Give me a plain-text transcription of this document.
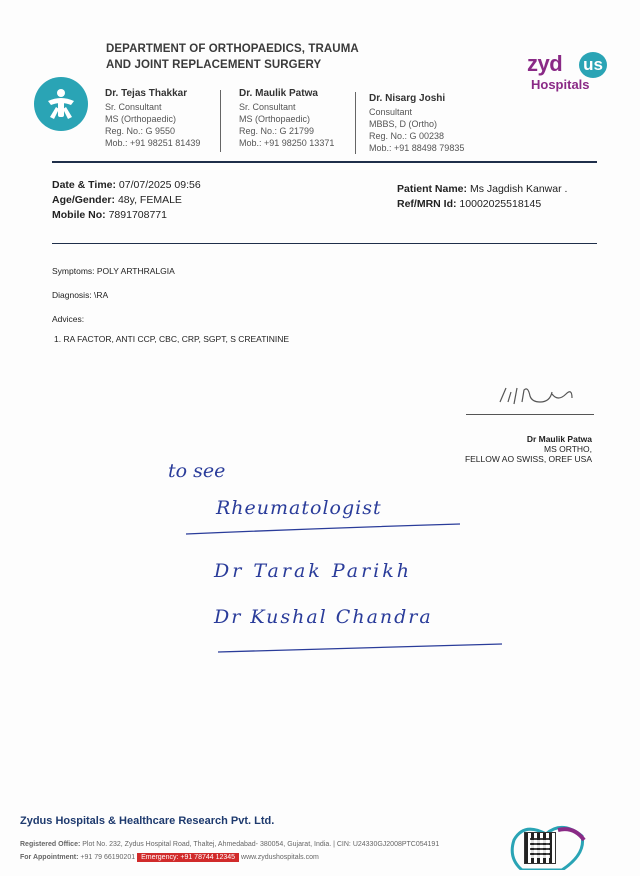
DEPARTMENT OF ORTHOPAEDICS, TRAUMA
AND JOINT REPLACEMENT SURGERY	zyd us
Hospitals
Dr. Tejas Thakkar
Sr. Consultant
MS (Orthopaedic)
Reg. No.: G 9550
Mob.: +91 98251 81439
Dr. Maulik Patwa
Sr. Consultant
MS (Orthopaedic)
Reg. No.: G 21799
Mob.: +91 98250 13371
Dr. Nisarg Joshi
Consultant
MBBS, D (Ortho)
Reg. No.: G 00238
Mob.: +91 88498 79835
Date & Time: 07/07/2025 09:56
Age/Gender: 48y, FEMALE
Mobile No: 7891708771
Patient Name: Ms Jagdish Kanwar .
Ref/MRN Id: 10002025518145
Symptoms: POLY ARTHRALGIA
Diagnosis: \RA
Advices:
1. RA FACTOR, ANTI CCP, CBC, CRP, SGPT, S CREATININE
Dr Maulik Patwa
MS ORTHO,
FELLOW AO SWISS, OREF USA
to see
Rheumatologist
Dr Tarak Parikh
Dr Kushal Chandra
Zydus Hospitals & Healthcare Research Pvt. Ltd.
Registered Office: Plot No. 232, Zydus Hospital Road, Thaltej, Ahmedabad- 380054, Gujarat, India. | CIN: U24330GJ2008PTC054191
For Appointment: +91 79 66190201 Emergency: +91 78744 12345 www.zydushospitals.com
